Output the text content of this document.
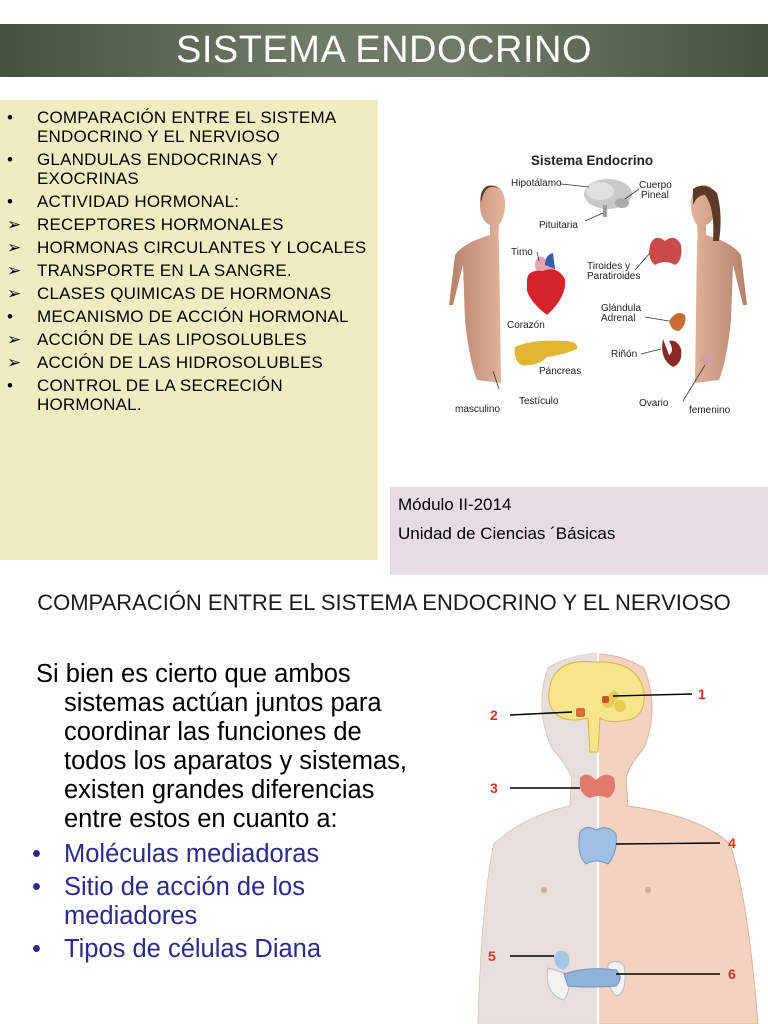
SISTEMA ENDOCRINO
•	COMPARACIÓN ENTRE EL SISTEMA ENDOCRINO Y EL NERVIOSO
•	GLANDULAS ENDOCRINAS Y EXOCRINAS
•	ACTIVIDAD HORMONAL:
➢ RECEPTORES HORMONALES
➢ HORMONAS CIRCULANTES Y LOCALES
➢ TRANSPORTE EN LA SANGRE.
➢ CLASES QUIMICAS DE HORMONAS
•	MECANISMO DE ACCIÓN HORMONAL
➢ ACCIÓN DE LAS LIPOSOLUBLES
➢ ACCIÓN DE LAS HIDROSOLUBLES
•	CONTROL DE LA SECRECIÓN HORMONAL.
Sistema Endocrino
Hipotálamo	Cuerpo
Pineal
Pituitaria
Timo
Tiroides y
Paratiroides
Glándula
Adrenal
Corazón
Riñón
Páncreas
Testículo	Ovario
masculino	femenino
Módulo II-2014
Unidad de Ciencias ´Básicas
COMPARACIÓN ENTRE EL SISTEMA ENDOCRINO Y EL NERVIOSO
Si bien es cierto que ambos sistemas actúan juntos para coordinar las funciones de todos los aparatos y sistemas, existen grandes diferencias entre estos en cuanto a:
• Moléculas mediadoras
• Sitio de acción de los mediadores
• Tipos de células Diana
1
2
3
4
5
6
